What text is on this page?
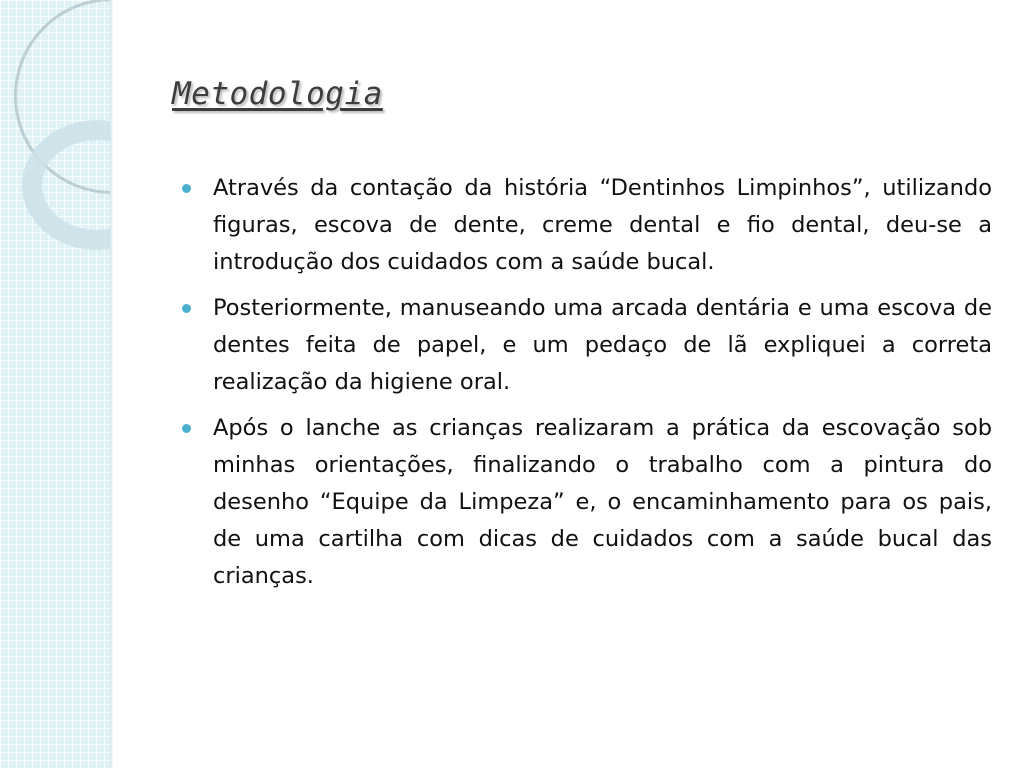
Metodologia
Através da contação da história “Dentinhos Limpinhos”, utilizando figuras, escova de dente, creme dental e fio dental, deu-se a introdução dos cuidados com a saúde bucal.
Posteriormente, manuseando uma arcada dentária e uma escova de dentes feita de papel, e um pedaço de lã expliquei a correta realização da higiene oral.
Após o lanche as crianças realizaram a prática da escovação sob minhas orientações, finalizando o trabalho com a pintura do desenho “Equipe da Limpeza” e, o encaminhamento para os pais, de uma cartilha com dicas de cuidados com a saúde bucal das crianças.
